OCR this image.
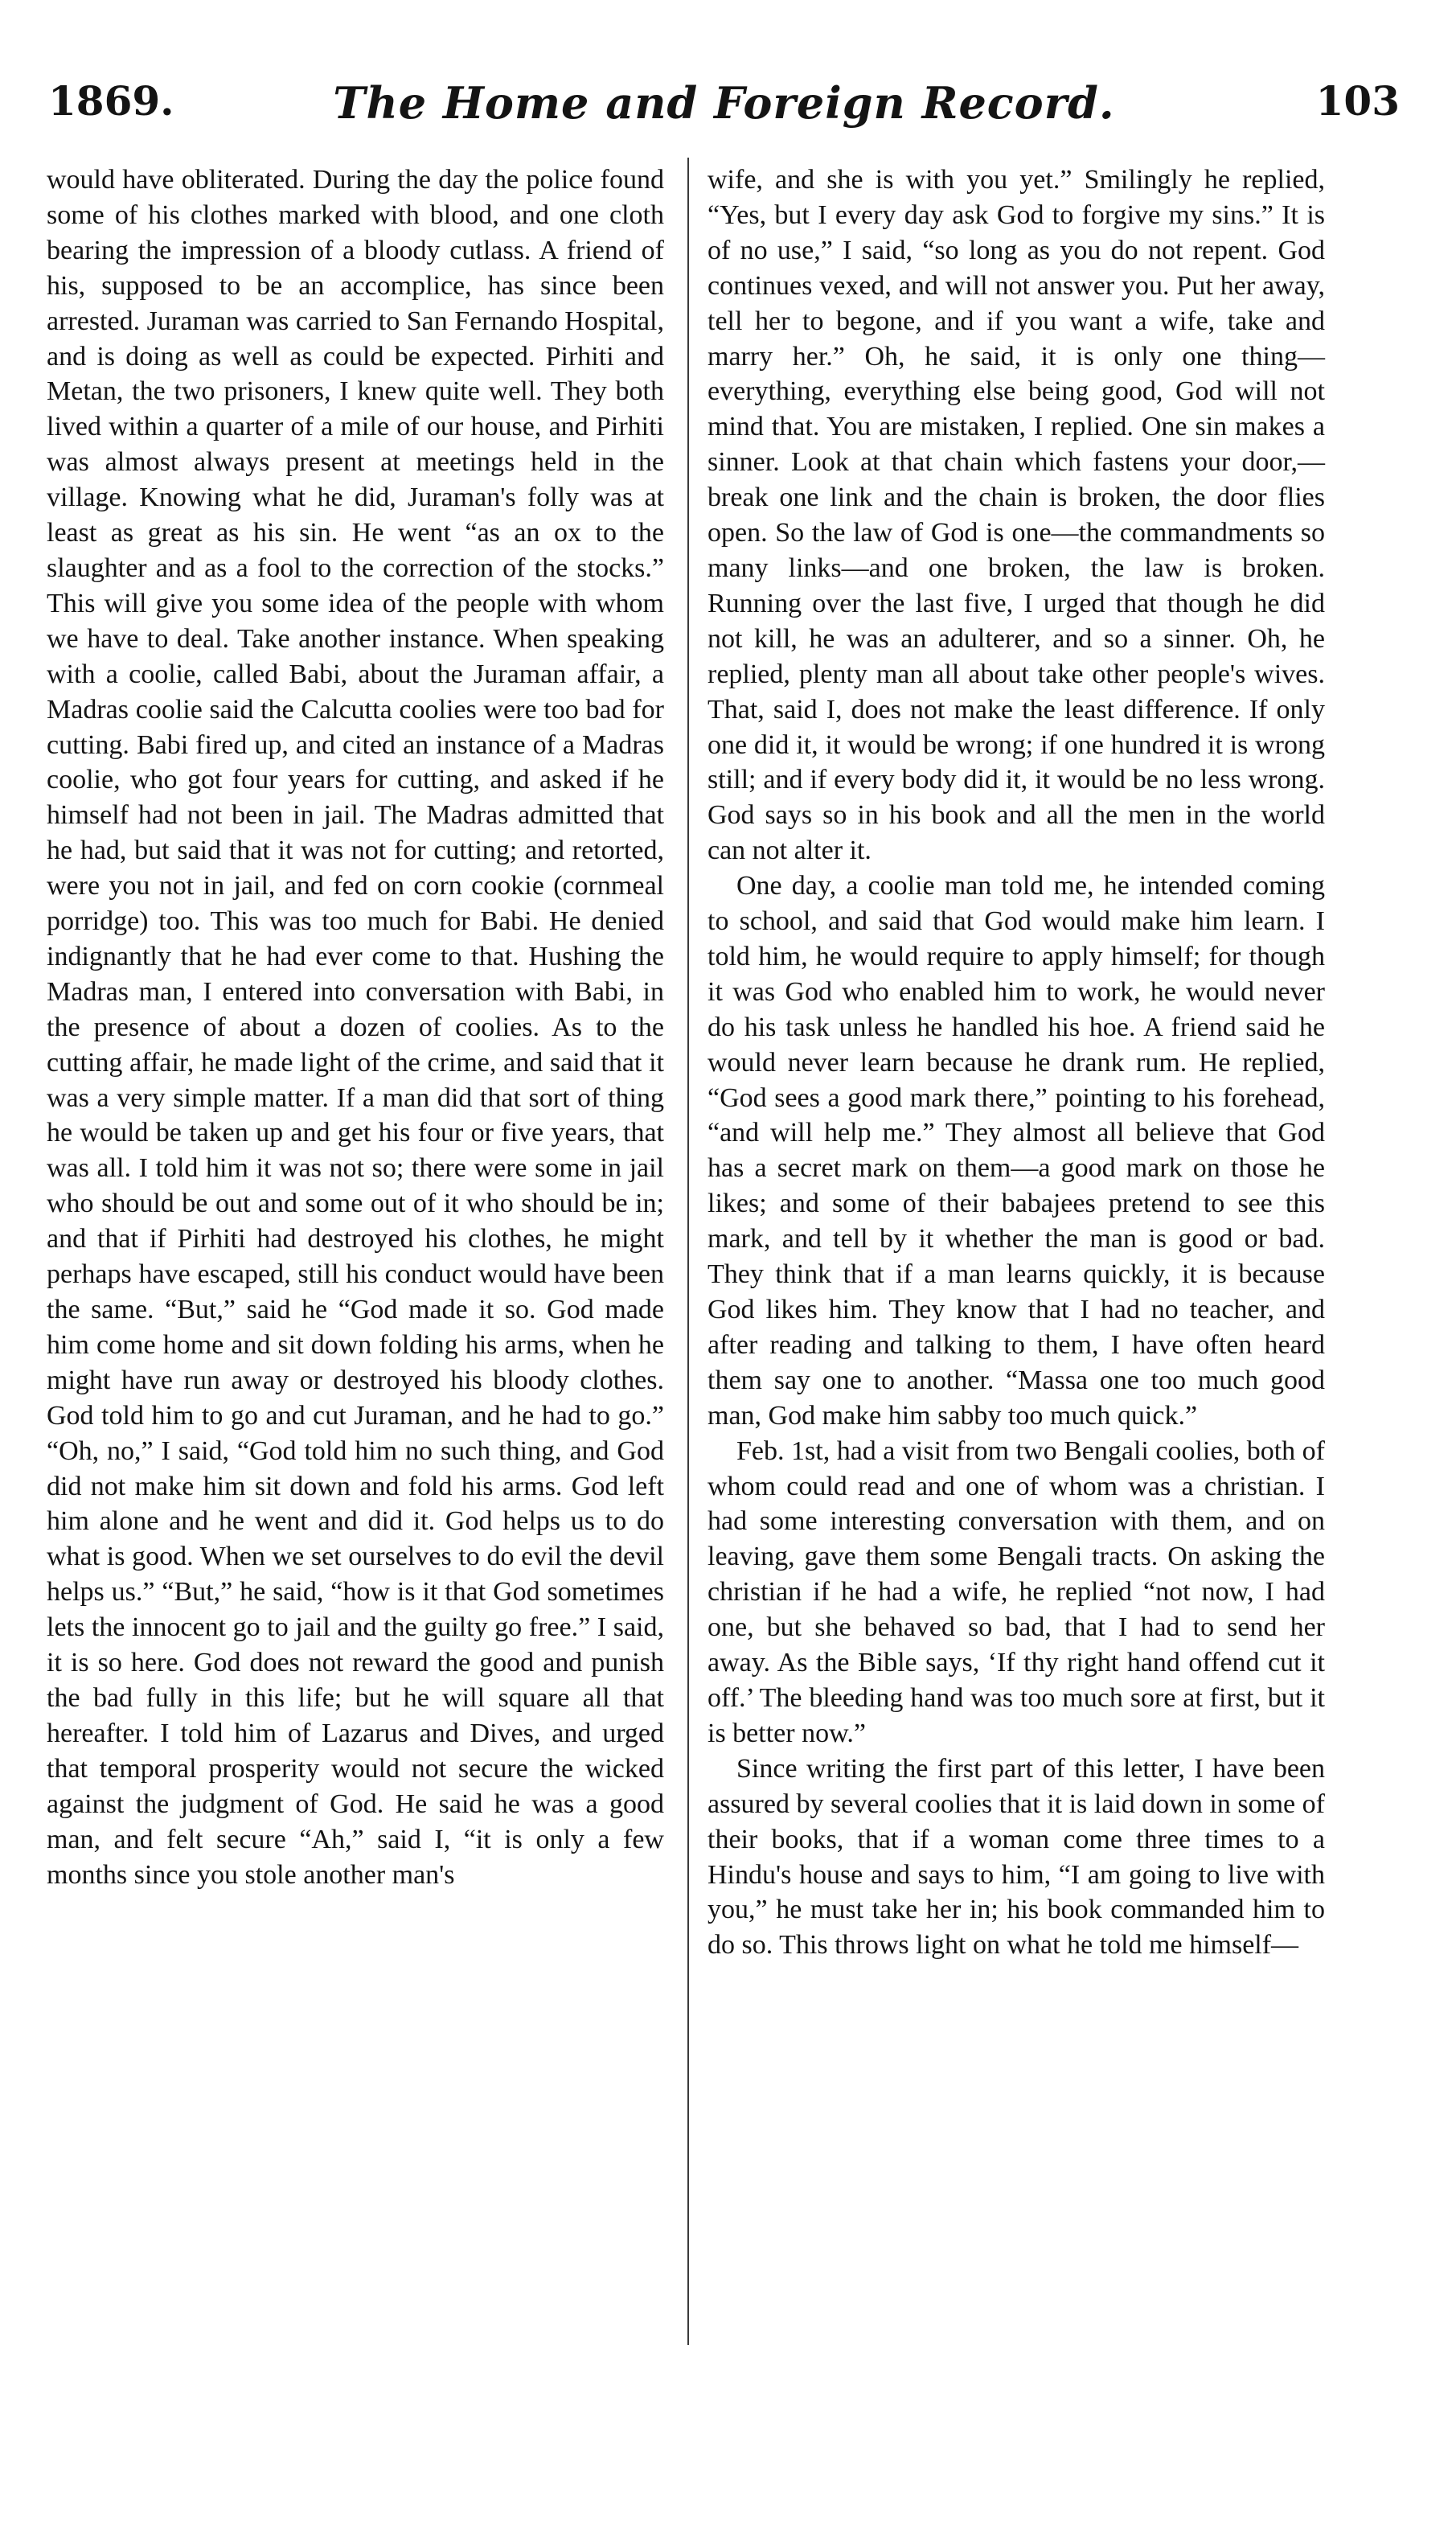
1869.	The Home and Foreign Record.	103

would have obliterated. During the day the police found some of his clothes marked with blood, and one cloth bearing the impression of a bloody cutlass. A friend of his, supposed to be an accomplice, has since been arrested. Juraman was carried to San Fernando Hospital, and is doing as well as could be expected. Pirhiti and Metan, the two prisoners, I knew quite well. They both lived within a quarter of a mile of our house, and Pirhiti was almost always present at meetings held in the village. Knowing what he did, Juraman's folly was at least as great as his sin. He went “as an ox to the slaughter and as a fool to the correction of the stocks.” This will give you some idea of the people with whom we have to deal. Take another instance. When speaking with a coolie, called Babi, about the Juraman affair, a Madras coolie said the Calcutta coolies were too bad for cutting. Babi fired up, and cited an instance of a Madras coolie, who got four years for cutting, and asked if he himself had not been in jail. The Madras admitted that he had, but said that it was not for cutting; and retorted, were you not in jail, and fed on corn cookie (cornmeal porridge) too. This was too much for Babi. He denied indignantly that he had ever come to that. Hushing the Madras man, I entered into conversation with Babi, in the presence of about a dozen of coolies. As to the cutting affair, he made light of the crime, and said that it was a very simple matter. If a man did that sort of thing he would be taken up and get his four or five years, that was all. I told him it was not so; there were some in jail who should be out and some out of it who should be in; and that if Pirhiti had destroyed his clothes, he might perhaps have escaped, still his conduct would have been the same. “But,” said he “God made it so. God made him come home and sit down folding his arms, when he might have run away or destroyed his bloody clothes. God told him to go and cut Juraman, and he had to go.” “Oh, no,” I said, “God told him no such thing, and God did not make him sit down and fold his arms. God left him alone and he went and did it. God helps us to do what is good. When we set ourselves to do evil the devil helps us.” “But,” he said, “how is it that God sometimes lets the innocent go to jail and the guilty go free.” I said, it is so here. God does not reward the good and punish the bad fully in this life; but he will square all that hereafter. I told him of Lazarus and Dives, and urged that temporal prosperity would not secure the wicked against the judgment of God. He said he was a good man, and felt secure “Ah,” said I, “it is only a few months since you stole another man's

wife, and she is with you yet.” Smilingly he replied, “Yes, but I every day ask God to forgive my sins.” It is of no use,” I said, “so long as you do not repent. God continues vexed, and will not answer you. Put her away, tell her to begone, and if you want a wife, take and marry her.” Oh, he said, it is only one thing—everything, everything else being good, God will not mind that. You are mistaken, I replied. One sin makes a sinner. Look at that chain which fastens your door,—break one link and the chain is broken, the door flies open. So the law of God is one—the commandments so many links—and one broken, the law is broken. Running over the last five, I urged that though he did not kill, he was an adulterer, and so a sinner. Oh, he replied, plenty man all about take other people's wives. That, said I, does not make the least difference. If only one did it, it would be wrong; if one hundred it is wrong still; and if every body did it, it would be no less wrong. God says so in his book and all the men in the world can not alter it.

One day, a coolie man told me, he intended coming to school, and said that God would make him learn. I told him, he would require to apply himself; for though it was God who enabled him to work, he would never do his task unless he handled his hoe. A friend said he would never learn because he drank rum. He replied, “God sees a good mark there,” pointing to his forehead, “and will help me.” They almost all believe that God has a secret mark on them—a good mark on those he likes; and some of their babajees pretend to see this mark, and tell by it whether the man is good or bad. They think that if a man learns quickly, it is because God likes him. They know that I had no teacher, and after reading and talking to them, I have often heard them say one to another. “Massa one too much good man, God make him sabby too much quick.”

Feb. 1st, had a visit from two Bengali coolies, both of whom could read and one of whom was a christian. I had some interesting conversation with them, and on leaving, gave them some Bengali tracts. On asking the christian if he had a wife, he replied “not now, I had one, but she behaved so bad, that I had to send her away. As the Bible says, ‘If thy right hand offend cut it off.’ The bleeding hand was too much sore at first, but it is better now.”

Since writing the first part of this letter, I have been assured by several coolies that it is laid down in some of their books, that if a woman come three times to a Hindu's house and says to him, “I am going to live with you,” he must take her in; his book commanded him to do so. This throws light on what he told me himself—
